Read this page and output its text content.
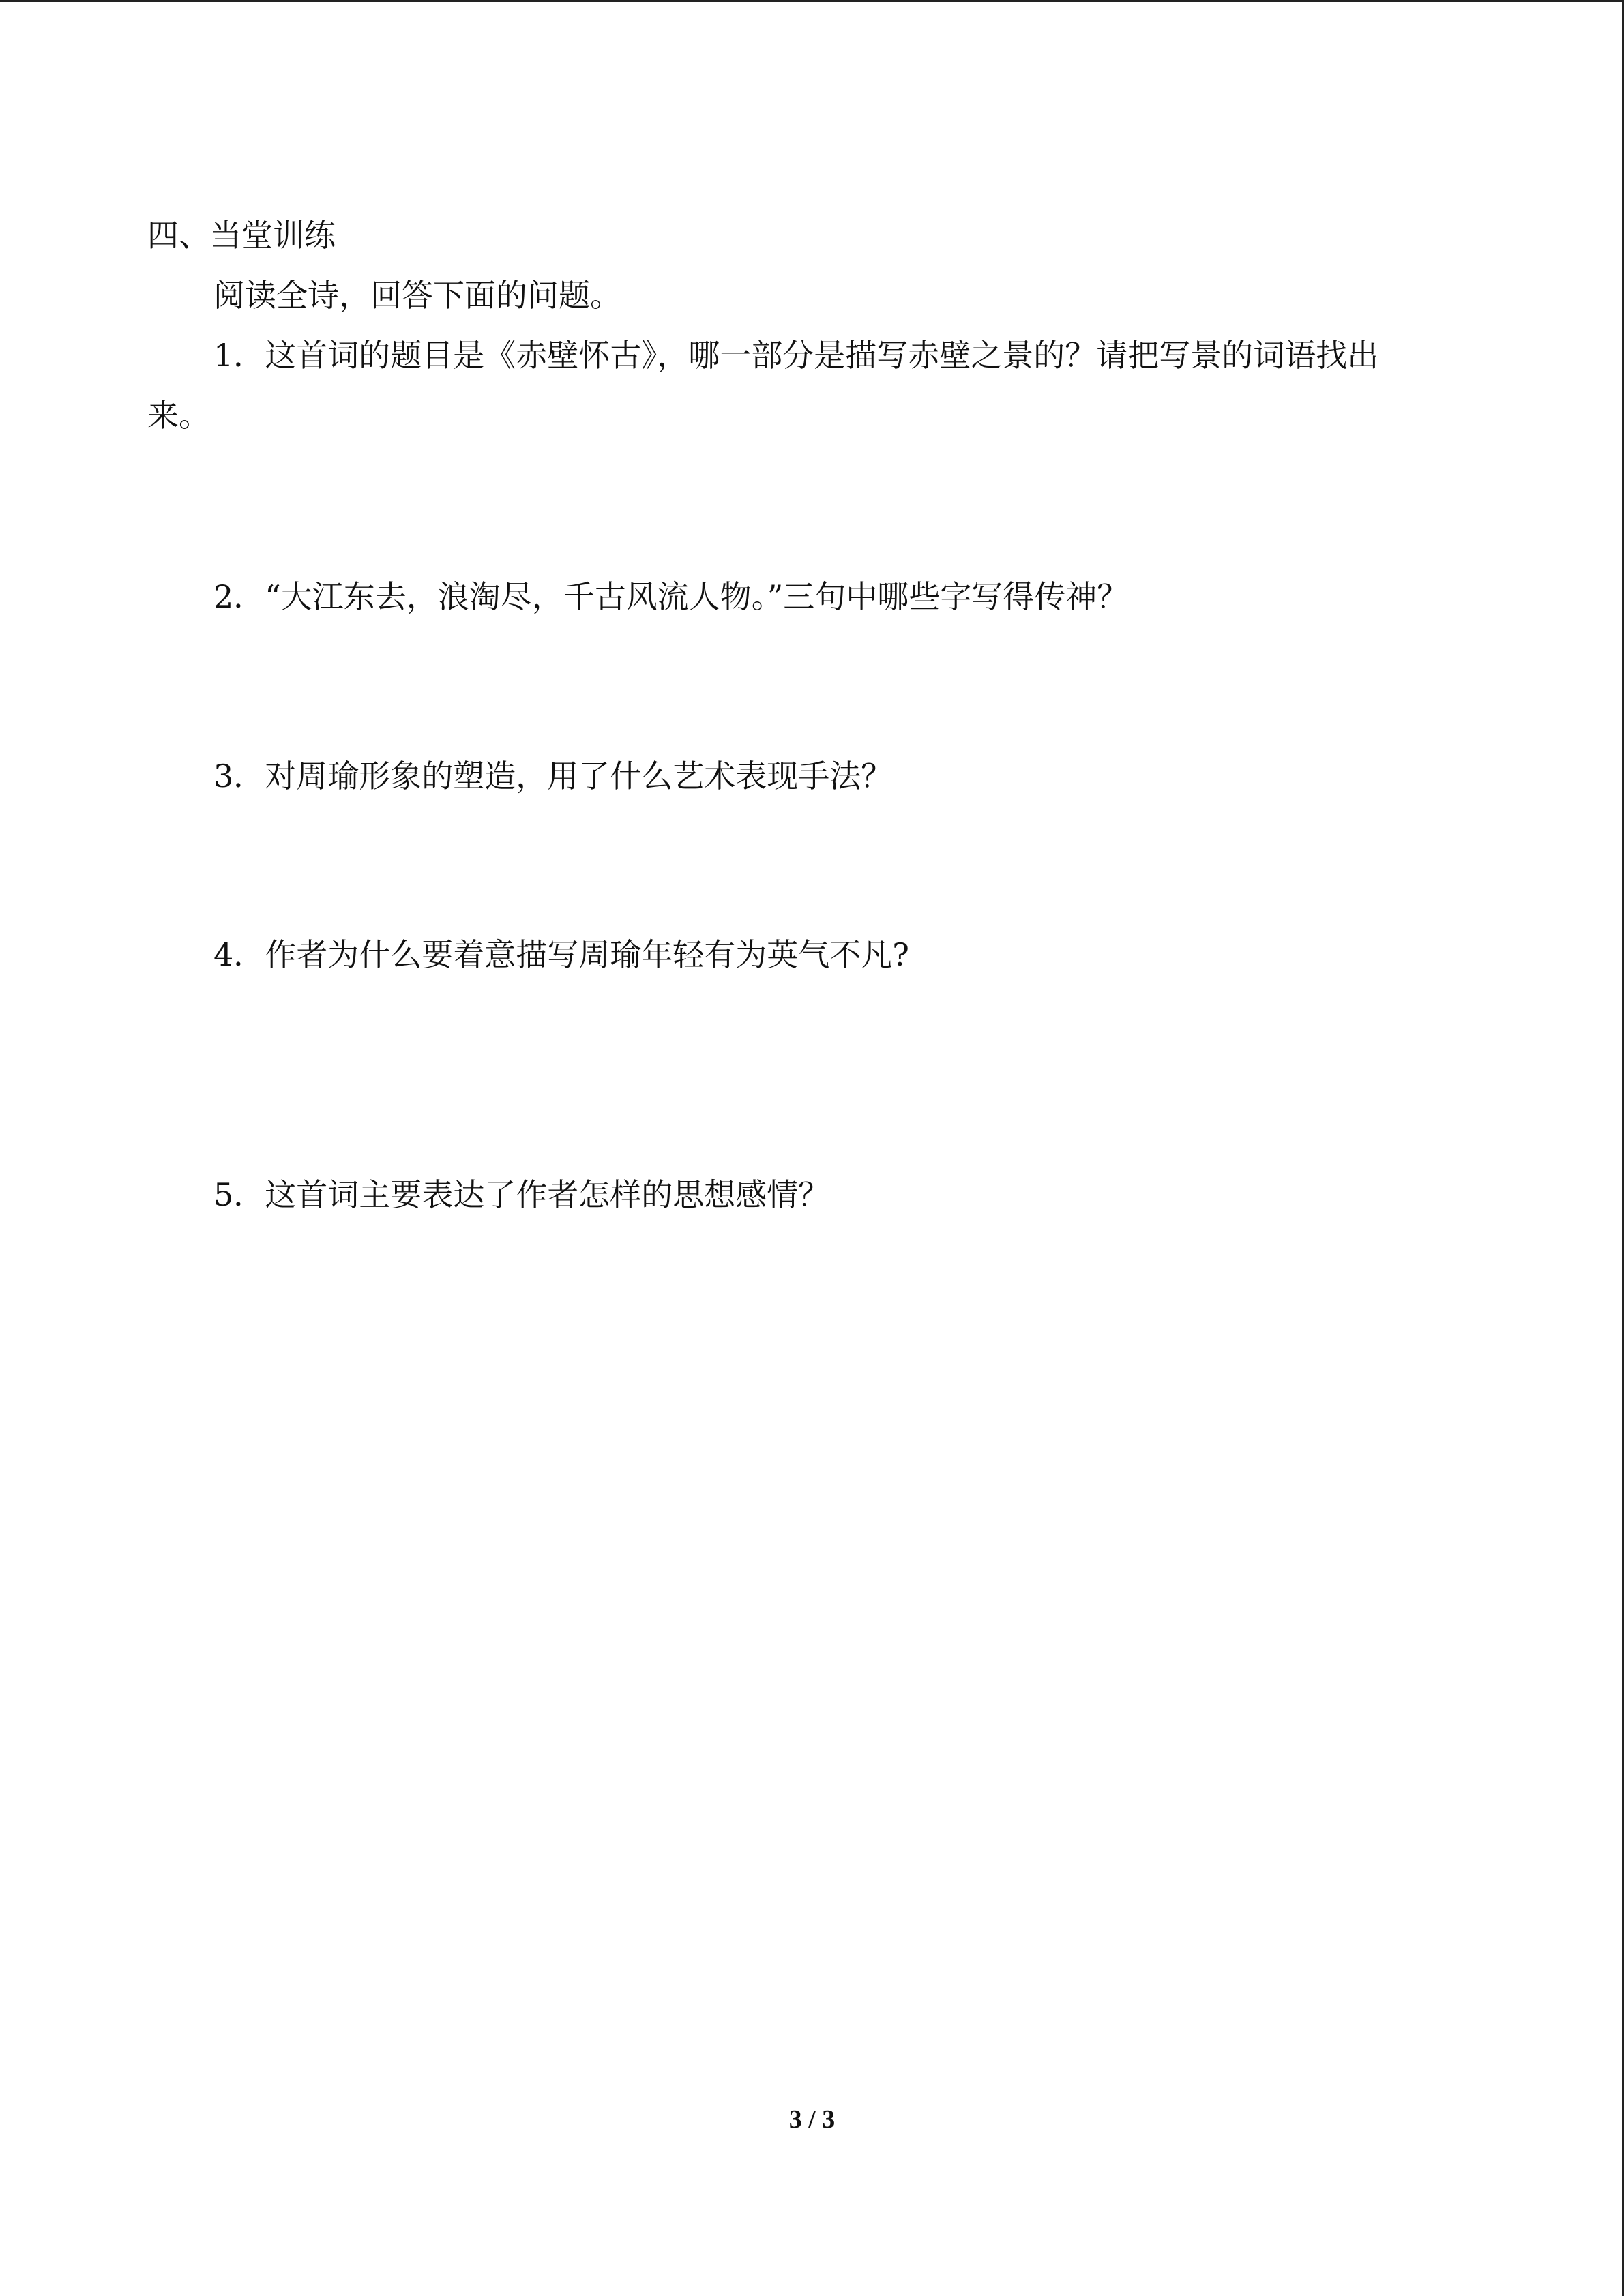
四、当堂训练

阅读全诗，回答下面的问题。

1．这首词的题目是《赤壁怀古》，哪一部分是描写赤壁之景的？请把写景的词语找出

来。

2．“大江东去，浪淘尽，千古风流人物。”三句中哪些字写得传神？

3．对周瑜形象的塑造，用了什么艺术表现手法？

4．作者为什么要着意描写周瑜年轻有为英气不凡?

5．这首词主要表达了作者怎样的思想感情？

3 / 3
